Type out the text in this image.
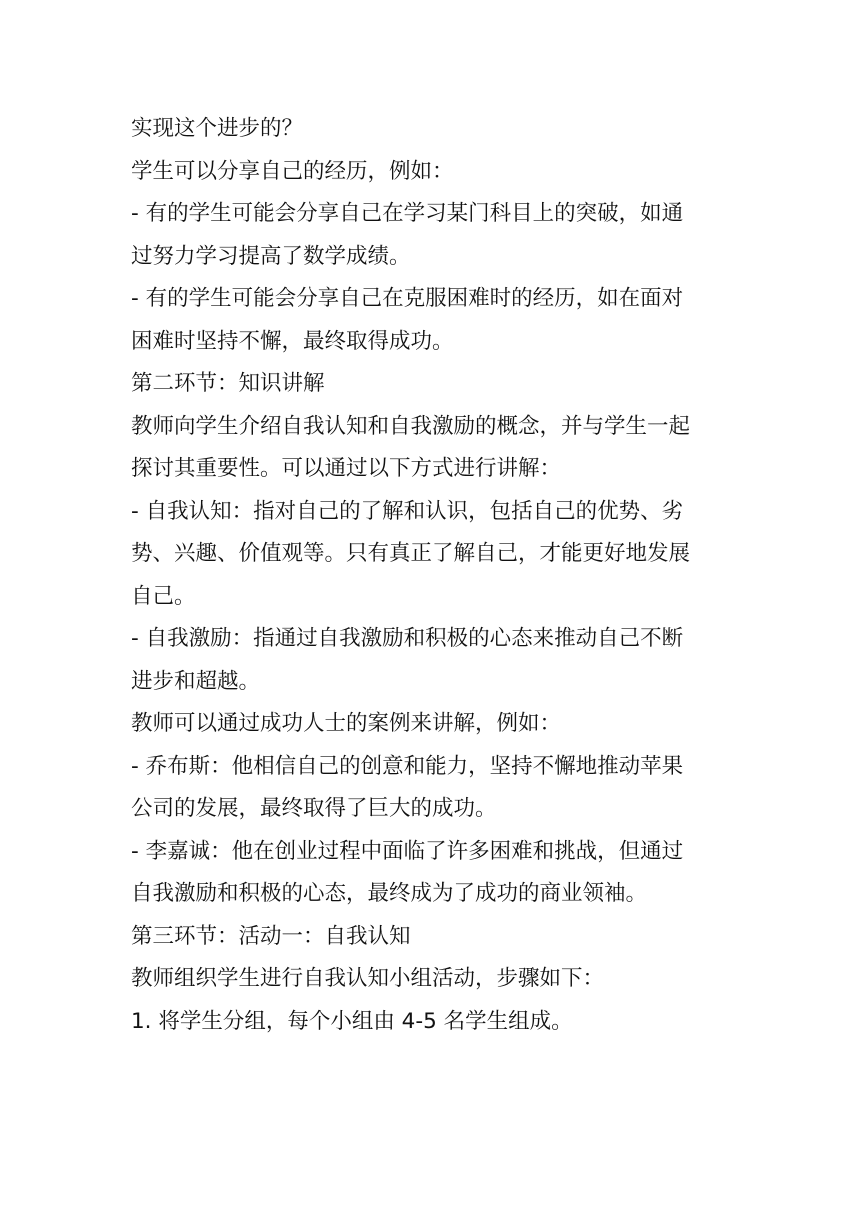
实现这个进步的？
学生可以分享自己的经历，例如：
- 有的学生可能会分享自己在学习某门科目上的突破，如通
过努力学习提高了数学成绩。
- 有的学生可能会分享自己在克服困难时的经历，如在面对
困难时坚持不懈，最终取得成功。
第二环节：知识讲解
教师向学生介绍自我认知和自我激励的概念，并与学生一起
探讨其重要性。可以通过以下方式进行讲解：
- 自我认知：指对自己的了解和认识，包括自己的优势、劣
势、兴趣、价值观等。只有真正了解自己，才能更好地发展
自己。
- 自我激励：指通过自我激励和积极的心态来推动自己不断
进步和超越。
教师可以通过成功人士的案例来讲解，例如：
- 乔布斯：他相信自己的创意和能力，坚持不懈地推动苹果
公司的发展，最终取得了巨大的成功。
- 李嘉诚：他在创业过程中面临了许多困难和挑战，但通过
自我激励和积极的心态，最终成为了成功的商业领袖。
第三环节：活动一：自我认知
教师组织学生进行自我认知小组活动，步骤如下：
1. 将学生分组，每个小组由 4-5 名学生组成。
